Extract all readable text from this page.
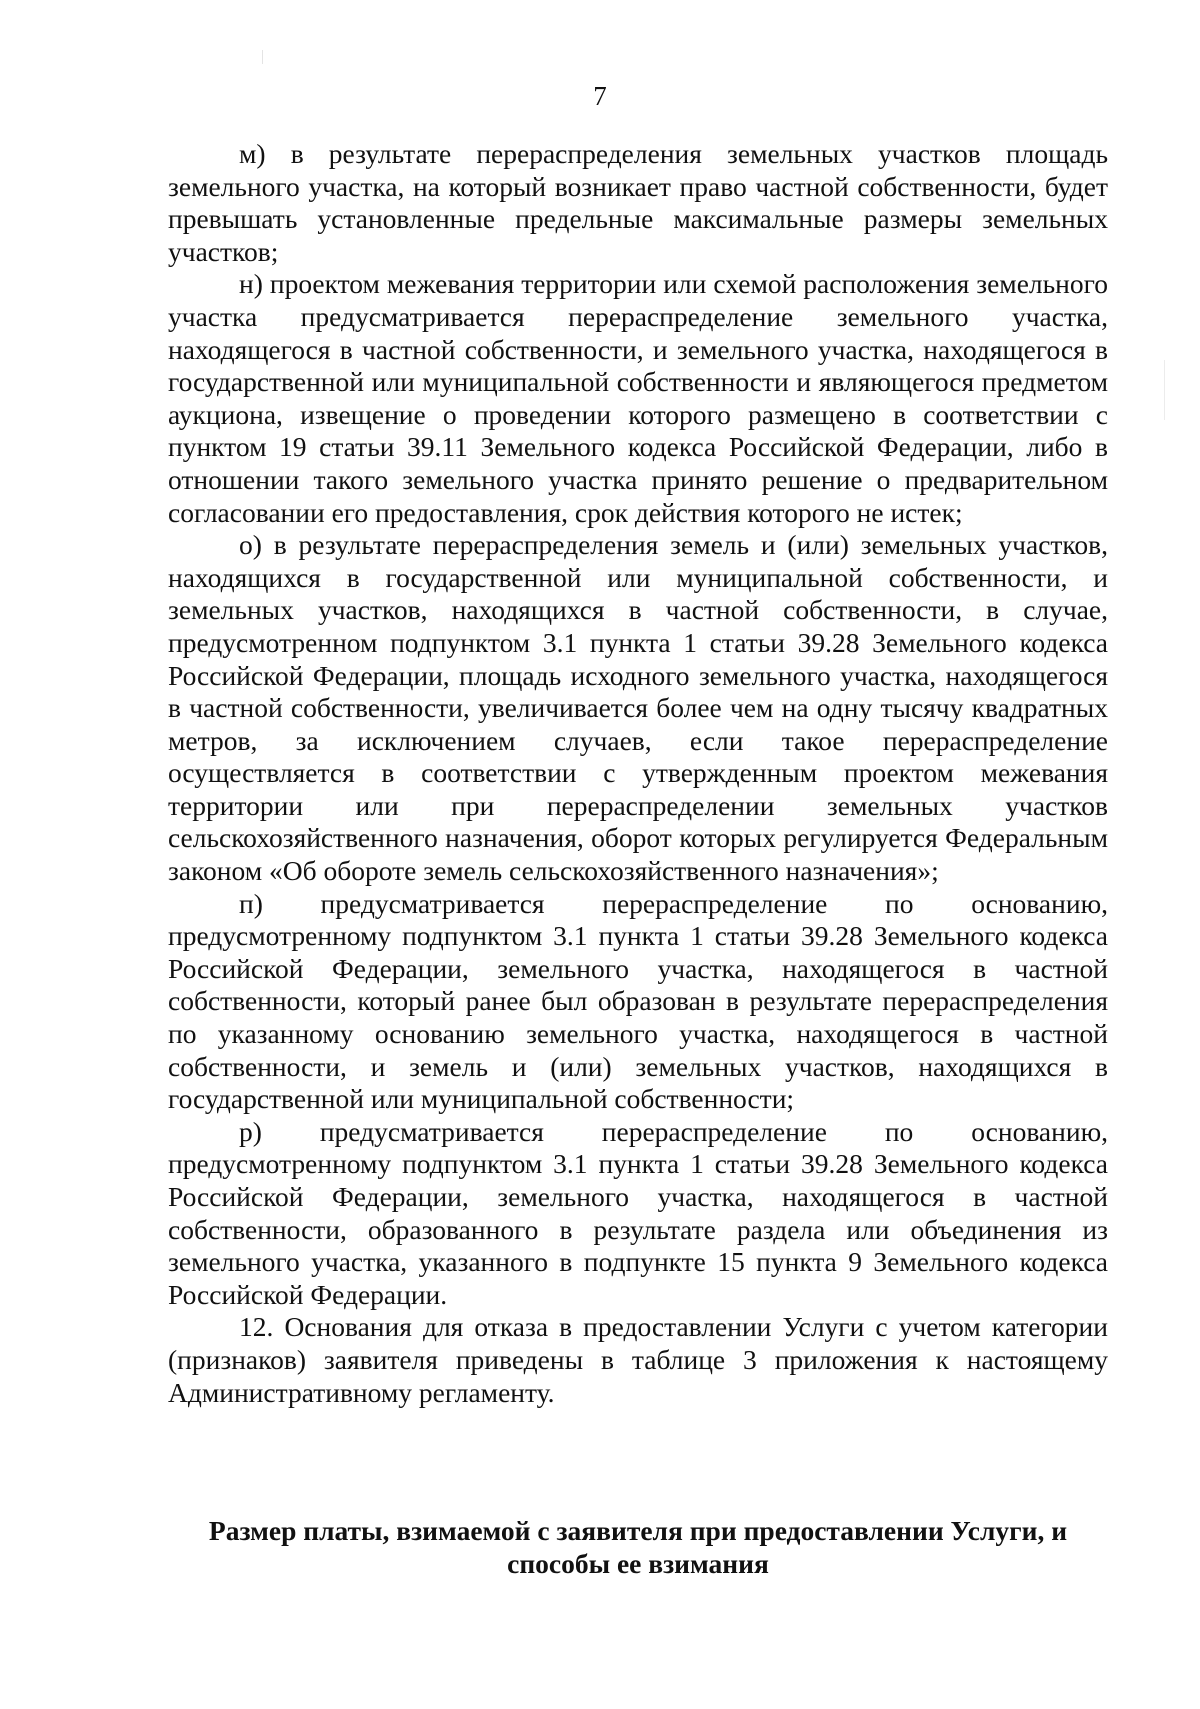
7

м) в результате перераспределения земельных участков площадь земельного участка, на который возникает право частной собственности, будет превышать установленные предельные максимальные размеры земельных участков;

н) проектом межевания территории или схемой расположения земельного участка предусматривается перераспределение земельного участка, находящегося в частной собственности, и земельного участка, находящегося в государственной или муниципальной собственности и являющегося предметом аукциона, извещение о проведении которого размещено в соответствии с пунктом 19 статьи 39.11 Земельного кодекса Российской Федерации, либо в отношении такого земельного участка принято решение о предварительном согласовании его предоставления, срок действия которого не истек;

о) в результате перераспределения земель и (или) земельных участков, находящихся в государственной или муниципальной собственности, и земельных участков, находящихся в частной собственности, в случае, предусмотренном подпунктом 3.1 пункта 1 статьи 39.28 Земельного кодекса Российской Федерации, площадь исходного земельного участка, находящегося в частной собственности, увеличивается более чем на одну тысячу квадратных метров, за исключением случаев, если такое перераспределение осуществляется в соответствии с утвержденным проектом межевания территории или при перераспределении земельных участков сельскохозяйственного назначения, оборот которых регулируется Федеральным законом «Об обороте земель сельскохозяйственного назначения»;

п) предусматривается перераспределение по основанию, предусмотренному подпунктом 3.1 пункта 1 статьи 39.28 Земельного кодекса Российской Федерации, земельного участка, находящегося в частной собственности, который ранее был образован в результате перераспределения по указанному основанию земельного участка, находящегося в частной собственности, и земель и (или) земельных участков, находящихся в государственной или муниципальной собственности;

р) предусматривается перераспределение по основанию, предусмотренному подпунктом 3.1 пункта 1 статьи 39.28 Земельного кодекса Российской Федерации, земельного участка, находящегося в частной собственности, образованного в результате раздела или объединения из земельного участка, указанного в подпункте 15 пункта 9 Земельного кодекса Российской Федерации.

12. Основания для отказа в предоставлении Услуги с учетом категории (признаков) заявителя приведены в таблице 3 приложения к настоящему Административному регламенту.

Размер платы, взимаемой с заявителя при предоставлении Услуги, и способы ее взимания
